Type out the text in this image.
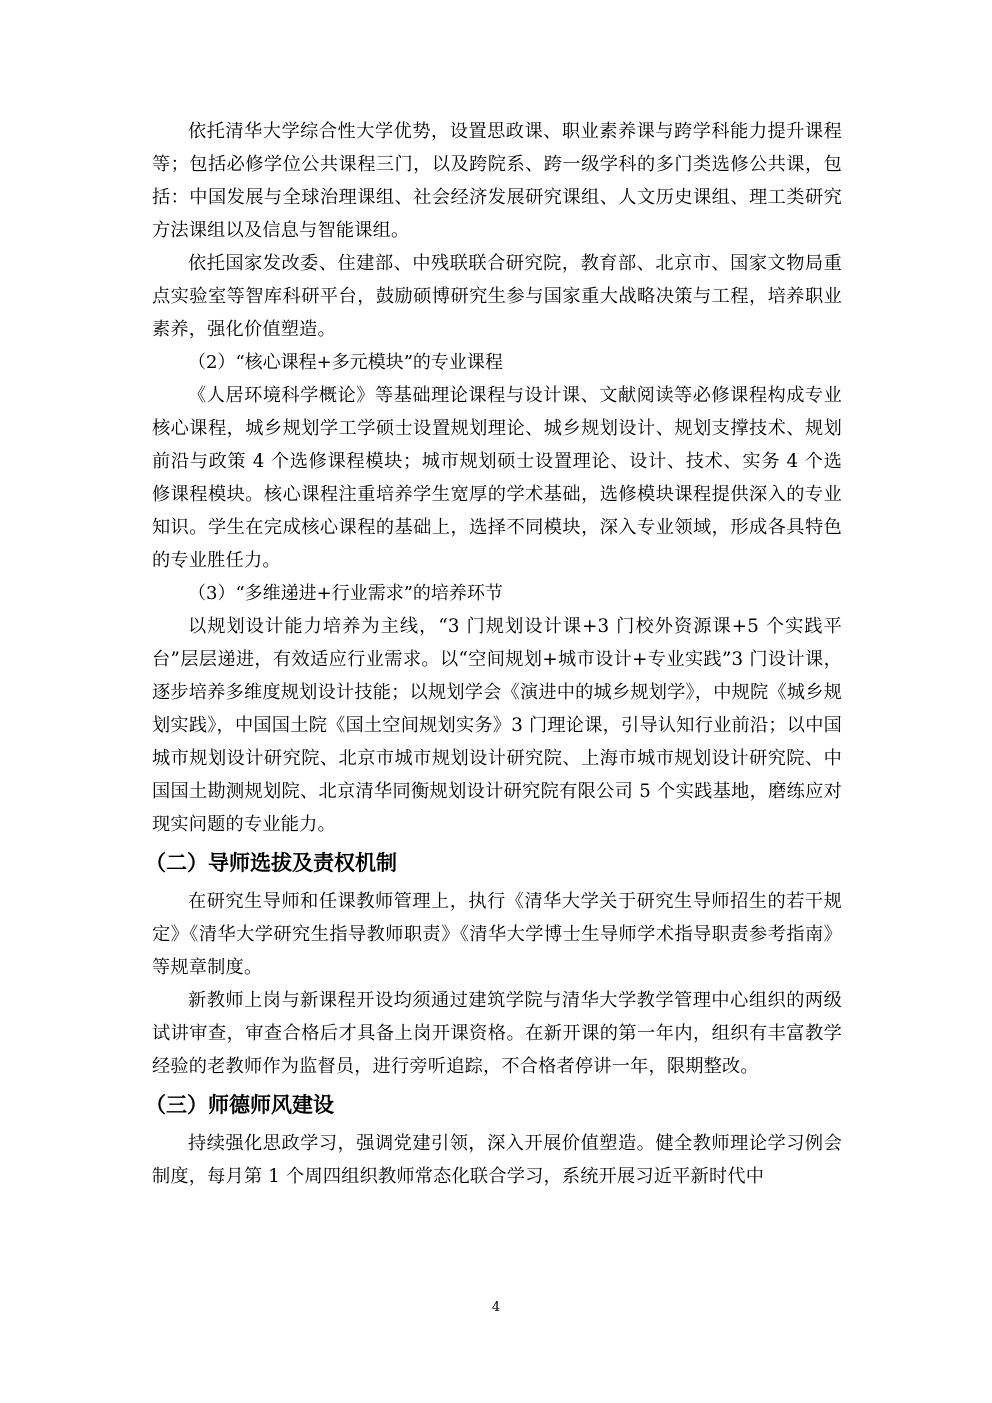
依托清华大学综合性大学优势，设置思政课、职业素养课与跨学科能力提升课程等；包括必修学位公共课程三门，以及跨院系、跨一级学科的多门类选修公共课，包括：中国发展与全球治理课组、社会经济发展研究课组、人文历史课组、理工类研究方法课组以及信息与智能课组。

依托国家发改委、住建部、中残联联合研究院，教育部、北京市、国家文物局重点实验室等智库科研平台，鼓励硕博研究生参与国家重大战略决策与工程，培养职业素养，强化价值塑造。

（2）“核心课程+多元模块”的专业课程

《人居环境科学概论》等基础理论课程与设计课、文献阅读等必修课程构成专业核心课程，城乡规划学工学硕士设置规划理论、城乡规划设计、规划支撑技术、规划前沿与政策 4 个选修课程模块；城市规划硕士设置理论、设计、技术、实务 4 个选修课程模块。核心课程注重培养学生宽厚的学术基础，选修模块课程提供深入的专业知识。学生在完成核心课程的基础上，选择不同模块，深入专业领域，形成各具特色的专业胜任力。

（3）“多维递进+行业需求”的培养环节

以规划设计能力培养为主线，“3 门规划设计课+3 门校外资源课+5 个实践平台”层层递进，有效适应行业需求。以“空间规划+城市设计+专业实践”3 门设计课，逐步培养多维度规划设计技能；以规划学会《演进中的城乡规划学》，中规院《城乡规划实践》，中国国土院《国土空间规划实务》3 门理论课，引导认知行业前沿；以中国城市规划设计研究院、北京市城市规划设计研究院、上海市城市规划设计研究院、中国国土勘测规划院、北京清华同衡规划设计研究院有限公司 5 个实践基地，磨练应对现实问题的专业能力。

（二）导师选拔及责权机制

在研究生导师和任课教师管理上，执行《清华大学关于研究生导师招生的若干规定》《清华大学研究生指导教师职责》《清华大学博士生导师学术指导职责参考指南》等规章制度。

新教师上岗与新课程开设均须通过建筑学院与清华大学教学管理中心组织的两级试讲审查，审查合格后才具备上岗开课资格。在新开课的第一年内，组织有丰富教学经验的老教师作为监督员，进行旁听追踪，不合格者停讲一年，限期整改。

（三）师德师风建设

持续强化思政学习，强调党建引领，深入开展价值塑造。健全教师理论学习例会制度，每月第 1 个周四组织教师常态化联合学习，系统开展习近平新时代中

4
